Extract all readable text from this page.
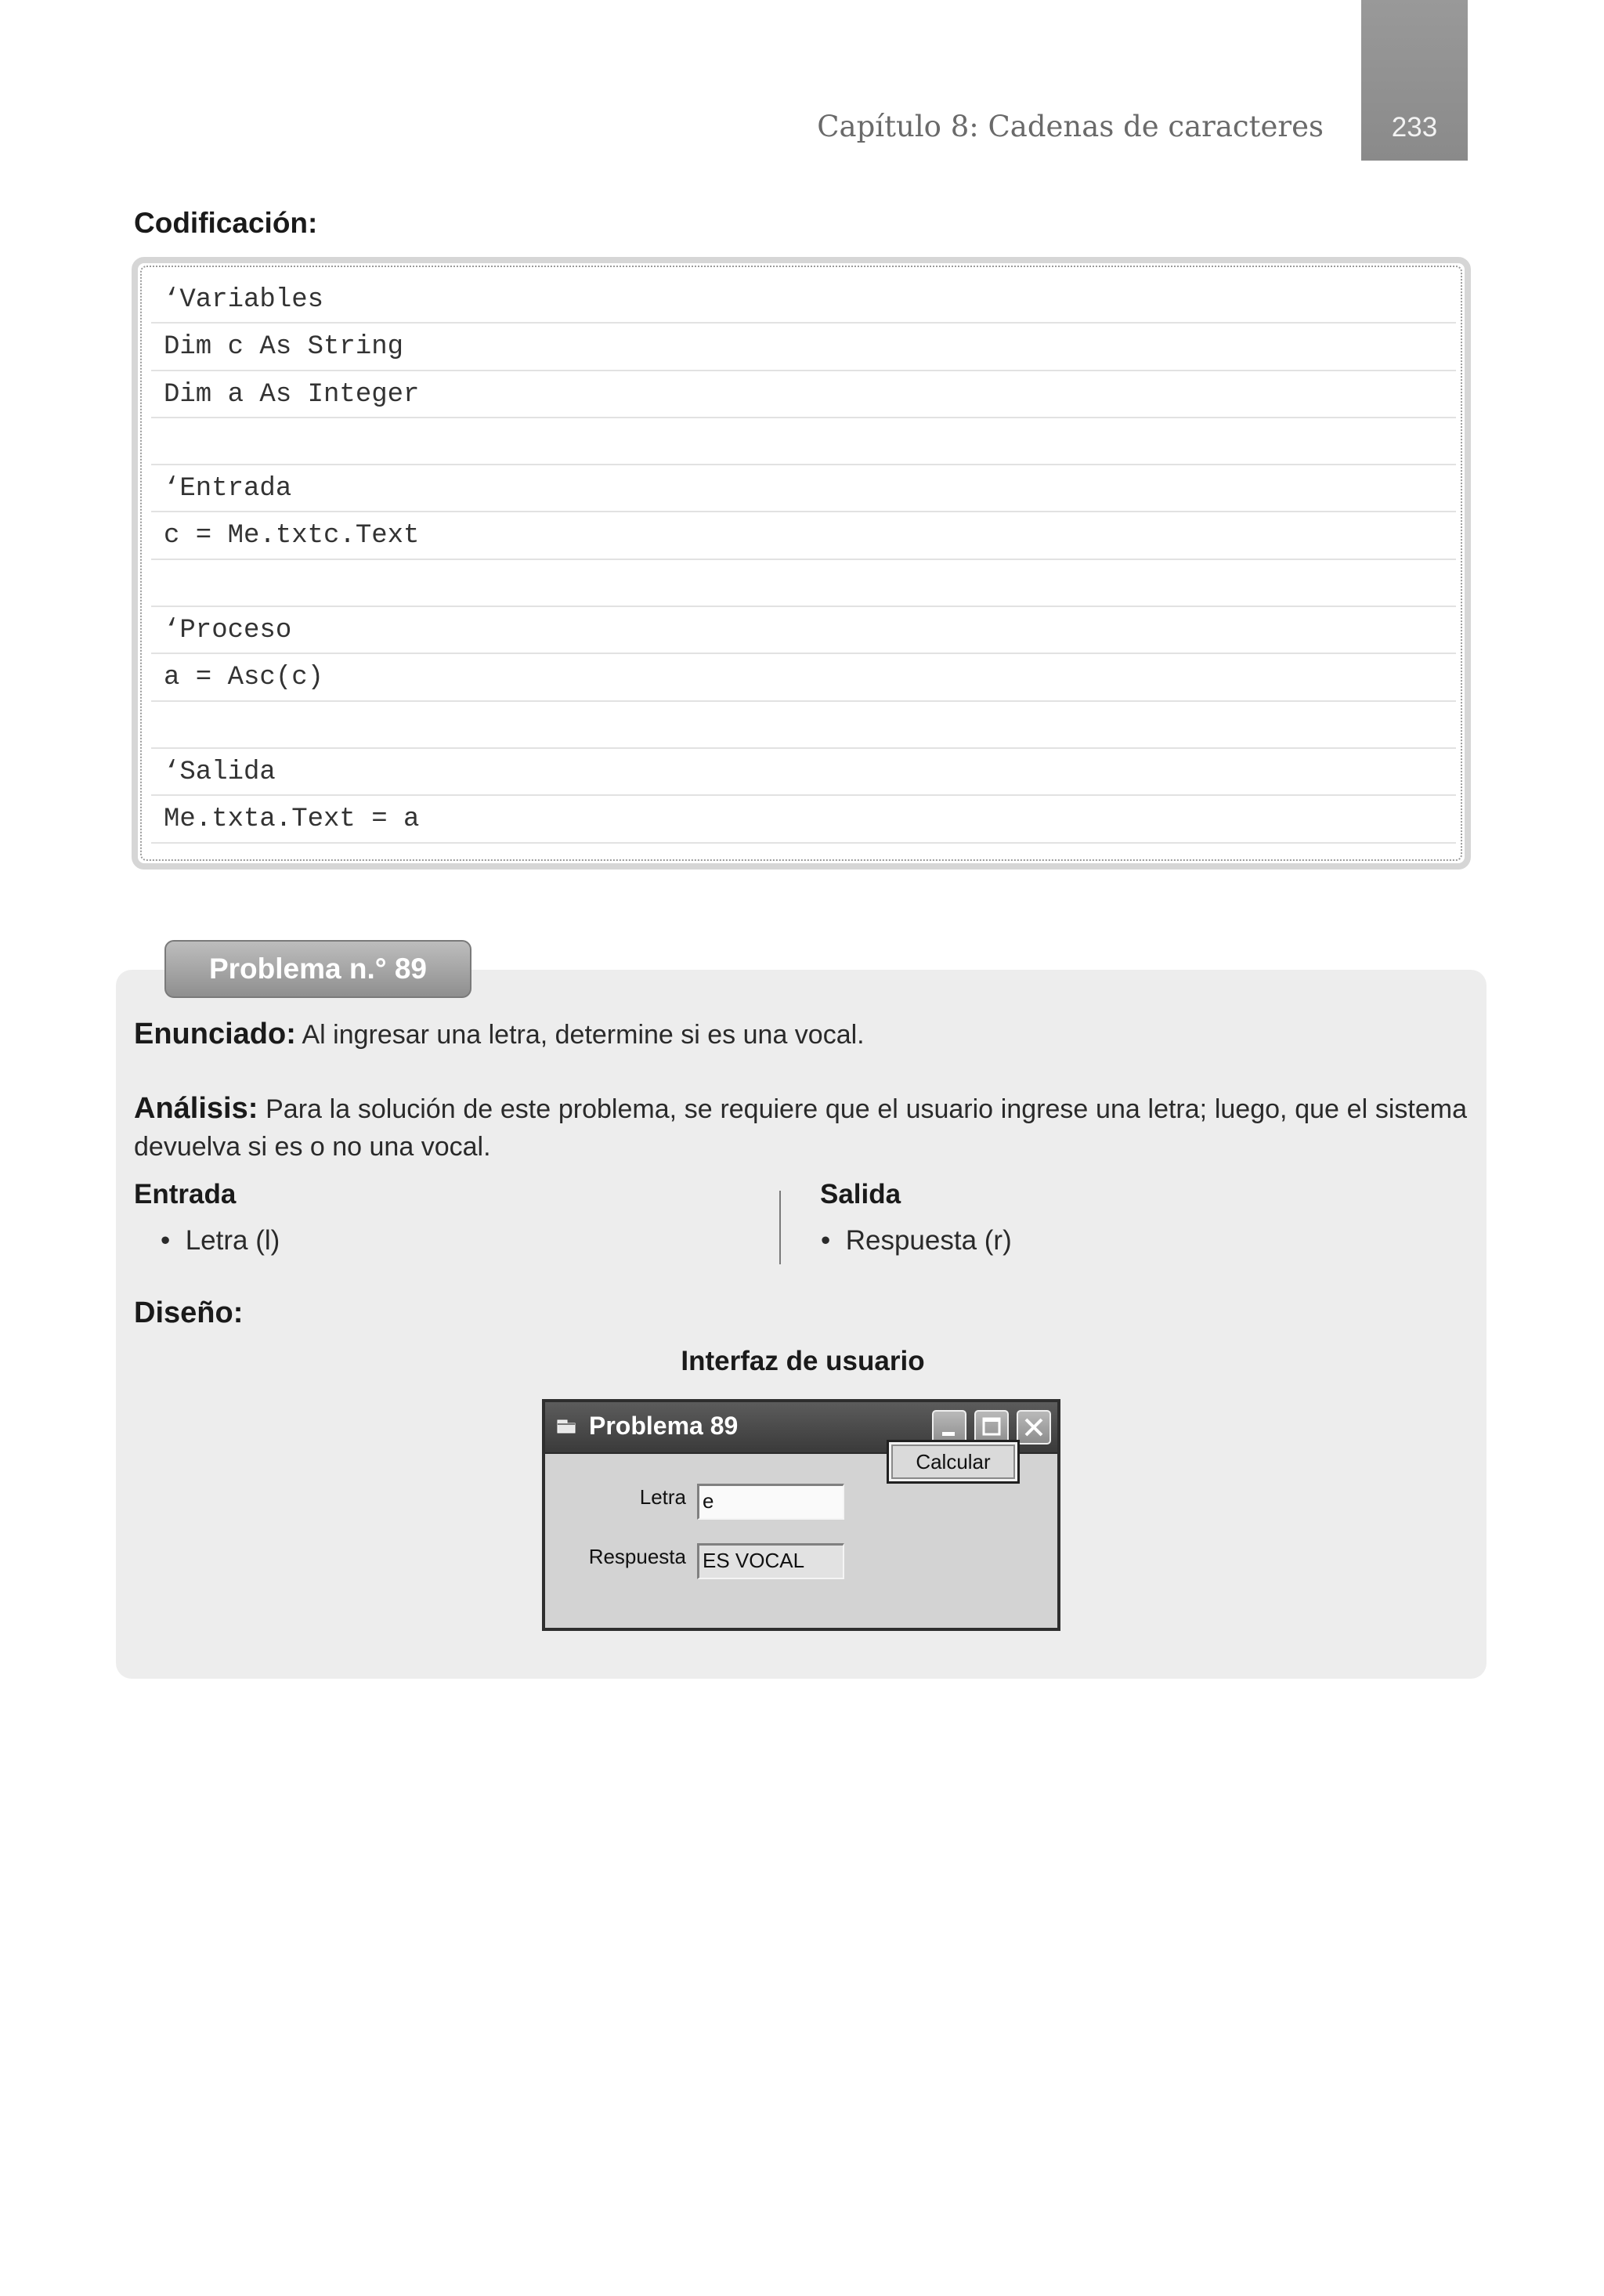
Capítulo 8: Cadenas de caracteres	233
Codificación:
‘Variables
Dim c As String
Dim a As Integer
‘Entrada
c = Me.txtc.Text
‘Proceso
a = Asc(c)
‘Salida
Me.txta.Text = a
Problema n.° 89
Enunciado: Al ingresar una letra, determine si es una vocal.
Análisis: Para la solución de este problema, se requiere que el usuario ingrese una letra; luego, que el sistema devuelva si es o no una vocal.
Entrada
• Letra (l)
Salida
• Respuesta (r)
Diseño:
Interfaz de usuario
Problema 89
Letra e
Respuesta ES VOCAL
Calcular
